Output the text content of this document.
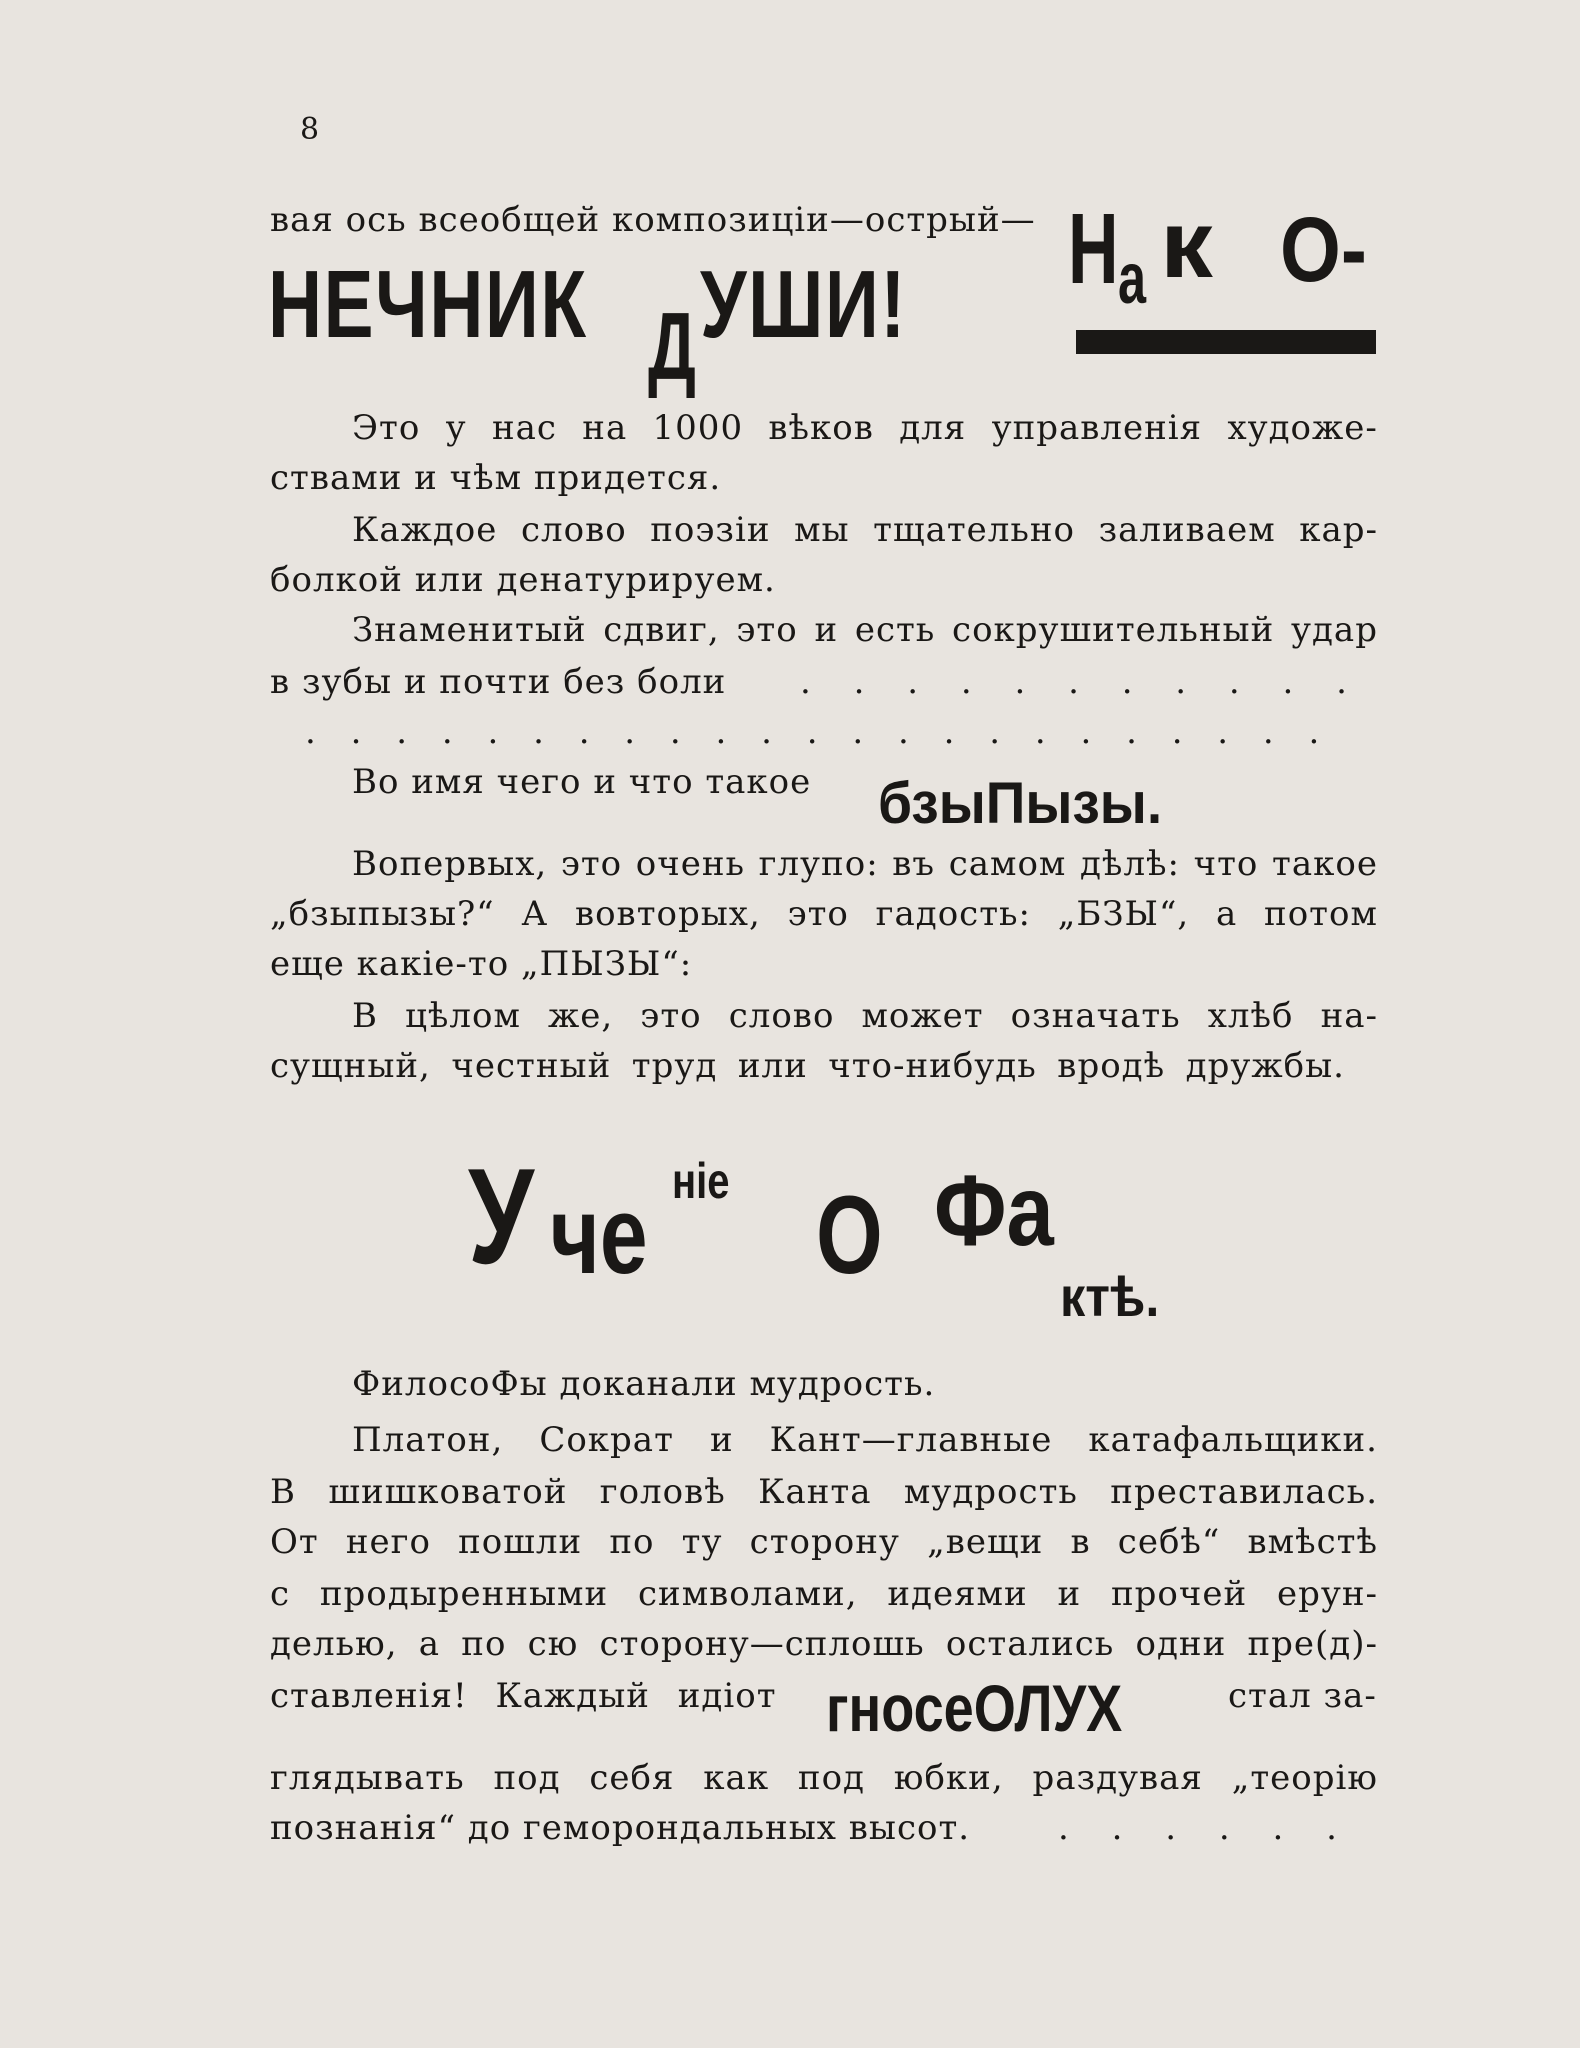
8
вая ось всеобщей композиціи—острый—
НЕЧНИК Д УШИ! Н а к О-
Это у нас на 1000 вѣков для управленія художе-
ствами и чѣм придется.
Каждое слово поэзіи мы тщательно заливаем кар-
болкой или денатурируем.
Знаменитый сдвиг, это и есть сокрушительный удар
в зубы и почти без боли . . . . . . . . . . .
. . . . . . . . . . . . . . . . . . . . . . .
Во имя чего и что такое бзыПызы.
Вопервых, это очень глупо: въ самом дѣлѣ: что такое
„бзыпызы?“ А вовторых, это гадость: „БЗЫ“, а потом
еще какіе-то „ПЫЗЫ“:
В цѣлом же, это слово может означать хлѣб на-
сущный, честный труд или что-нибудь вродѣ дружбы.
У че ніе О Фа
ктѣ.
ФилосоФы доканали мудрость.
Платон, Сократ и Кант—главные катафальщики.
В шишковатой головѣ Канта мудрость преставилась.
От него пошли по ту сторону „вещи в себѣ“ вмѣстѣ
с продыренными символами, идеями и прочей ерун-
делью, а по сю сторону—сплошь остались одни пре(д)-
ставленія! Каждый идіот гносеОЛУХ	стал за-
глядывать под себя как под юбки, раздувая „теорію
познанія“ до геморондальных высот.	. . . . . .
